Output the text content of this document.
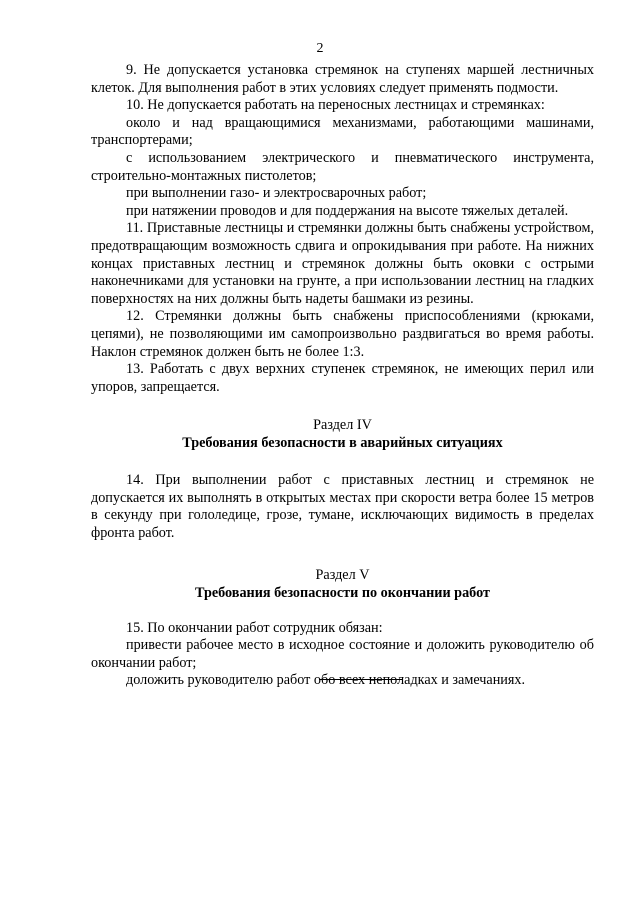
2

9. Не допускается установка стремянок на ступенях маршей лестничных клеток. Для выполнения работ в этих условиях следует применять подмости.

10. Не допускается работать на переносных лестницах и стремянках:

около и над вращающимися механизмами, работающими машинами, транспортерами;

с использованием электрического и пневматического инструмента, строительно-монтажных пистолетов;

при выполнении газо- и электросварочных работ;

при натяжении проводов и для поддержания на высоте тяжелых деталей.

11. Приставные лестницы и стремянки должны быть снабжены устройством, предотвращающим возможность сдвига и опрокидывания при работе. На нижних концах приставных лестниц и стремянок должны быть оковки с острыми наконечниками для установки на грунте, а при использовании лестниц на гладких поверхностях на них должны быть надеты башмаки из резины.

12. Стремянки должны быть снабжены приспособлениями (крюками, цепями), не позволяющими им самопроизвольно раздвигаться во время работы. Наклон стремянок должен быть не более 1:3.

13. Работать с двух верхних ступенек стремянок, не имеющих перил или упоров, запрещается.

Раздел IV

Требования безопасности в аварийных ситуациях

14. При выполнении работ с приставных лестниц и стремянок не допускается их выполнять в открытых местах при скорости ветра более 15 метров в секунду при гололедице, грозе, тумане, исключающих видимость в пределах фронта работ.

Раздел V

Требования безопасности по окончании работ

15. По окончании работ сотрудник обязан:

привести рабочее место в исходное состояние и доложить руководителю об окончании работ;

доложить руководителю работ обо всех неполадках и замечаниях.
